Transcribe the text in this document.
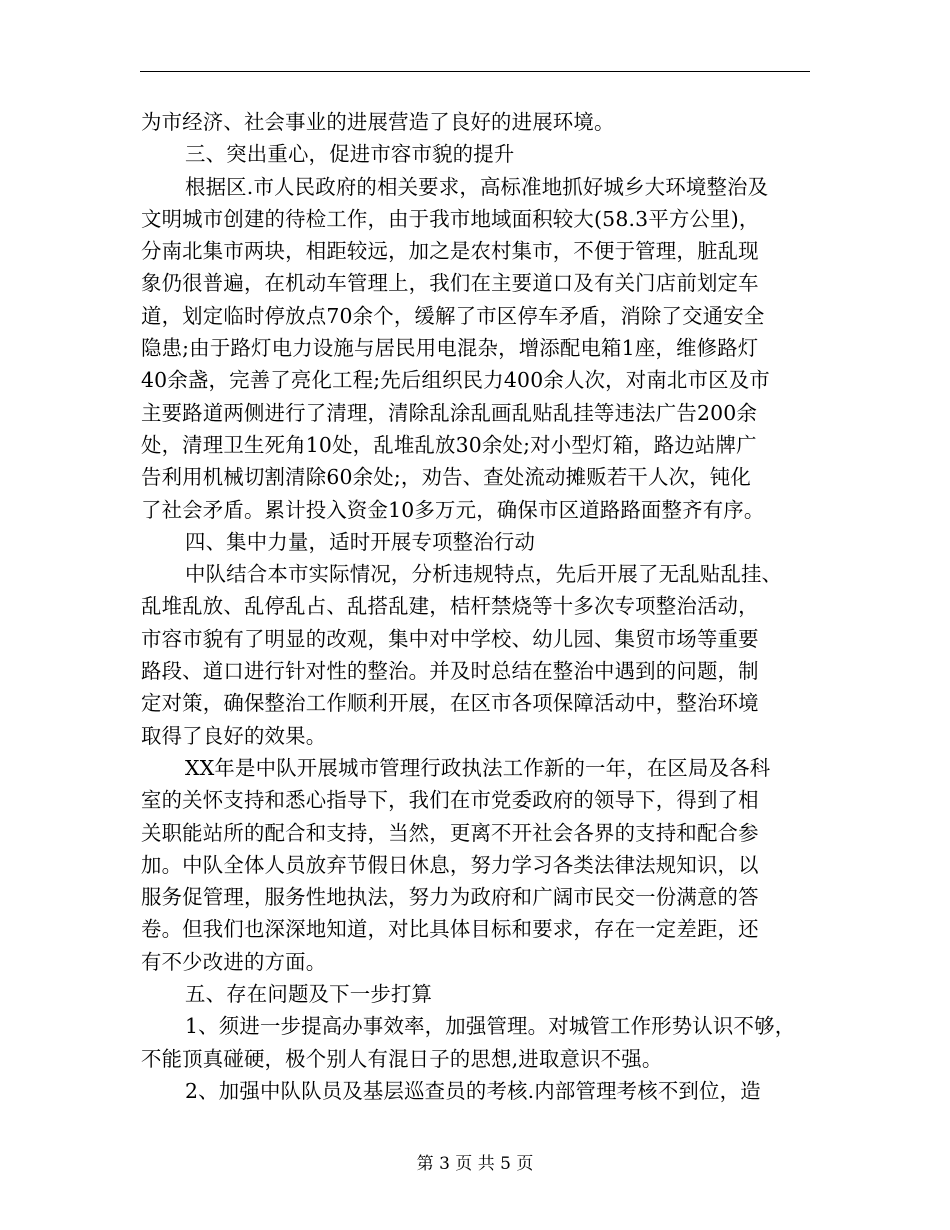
为市经济、社会事业的进展营造了良好的进展环境。
三、突出重心，促进市容市貌的提升
根据区.市人民政府的相关要求，高标准地抓好城乡大环境整治及
文明城市创建的待检工作，由于我市地域面积较大(58.3平方公里)，
分南北集市两块，相距较远，加之是农村集市，不便于管理，脏乱现
象仍很普遍，在机动车管理上，我们在主要道口及有关门店前划定车
道，划定临时停放点70余个，缓解了市区停车矛盾，消除了交通安全
隐患;由于路灯电力设施与居民用电混杂，增添配电箱1座，维修路灯
40余盏，完善了亮化工程;先后组织民力400余人次，对南北市区及市
主要路道两侧进行了清理，清除乱涂乱画乱贴乱挂等违法广告200余
处，清理卫生死角10处，乱堆乱放30余处;对小型灯箱，路边站牌广
告利用机械切割清除60余处;，劝告、查处流动摊贩若干人次，钝化
了社会矛盾。累计投入资金10多万元，确保市区道路路面整齐有序。
四、集中力量，适时开展专项整治行动
中队结合本市实际情况，分析违规特点，先后开展了无乱贴乱挂、
乱堆乱放、乱停乱占、乱搭乱建，桔杆禁烧等十多次专项整治活动，
市容市貌有了明显的改观，集中对中学校、幼儿园、集贸市场等重要
路段、道口进行针对性的整治。并及时总结在整治中遇到的问题，制
定对策，确保整治工作顺利开展，在区市各项保障活动中，整治环境
取得了良好的效果。
XX年是中队开展城市管理行政执法工作新的一年，在区局及各科
室的关怀支持和悉心指导下，我们在市党委政府的领导下，得到了相
关职能站所的配合和支持，当然，更离不开社会各界的支持和配合参
加。中队全体人员放弃节假日休息，努力学习各类法律法规知识，以
服务促管理，服务性地执法，努力为政府和广阔市民交一份满意的答
卷。但我们也深深地知道，对比具体目标和要求，存在一定差距，还
有不少改进的方面。
五、存在问题及下一步打算
1、须进一步提高办事效率，加强管理。对城管工作形势认识不够，
不能顶真碰硬，极个别人有混日子的思想,进取意识不强。
2、加强中队队员及基层巡查员的考核.内部管理考核不到位，造
第 3 页 共 5 页
